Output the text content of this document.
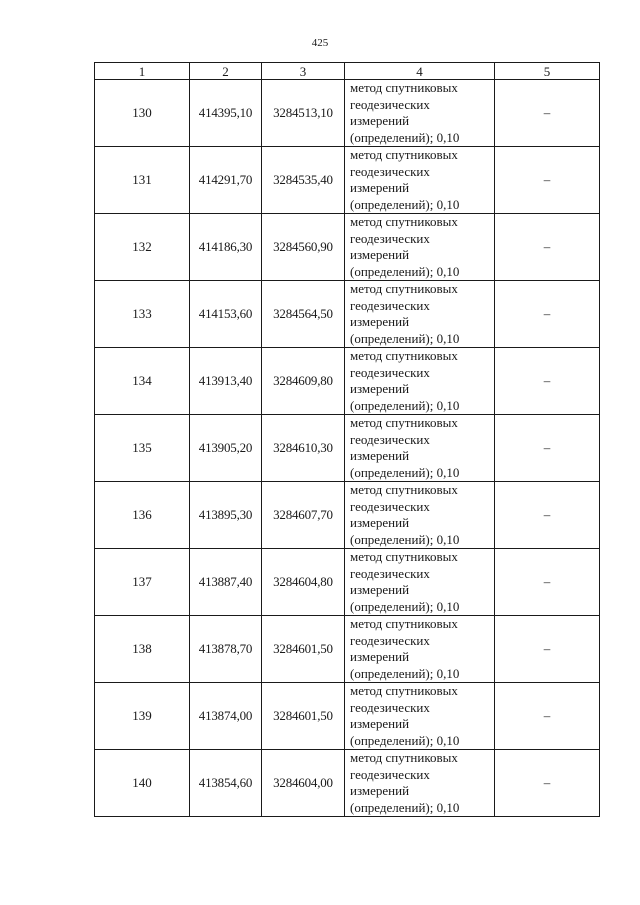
425
1	2	3	4	5
130	414395,10	3284513,10	метод спутниковых
геодезических
измерений
(определений); 0,10	–
131	414291,70	3284535,40	метод спутниковых
геодезических
измерений
(определений); 0,10	–
132	414186,30	3284560,90	метод спутниковых
геодезических
измерений
(определений); 0,10	–
133	414153,60	3284564,50	метод спутниковых
геодезических
измерений
(определений); 0,10	–
134	413913,40	3284609,80	метод спутниковых
геодезических
измерений
(определений); 0,10	–
135	413905,20	3284610,30	метод спутниковых
геодезических
измерений
(определений); 0,10	–
136	413895,30	3284607,70	метод спутниковых
геодезических
измерений
(определений); 0,10	–
137	413887,40	3284604,80	метод спутниковых
геодезических
измерений
(определений); 0,10	–
138	413878,70	3284601,50	метод спутниковых
геодезических
измерений
(определений); 0,10	–
139	413874,00	3284601,50	метод спутниковых
геодезических
измерений
(определений); 0,10	–
140	413854,60	3284604,00	метод спутниковых
геодезических
измерений
(определений); 0,10	–
